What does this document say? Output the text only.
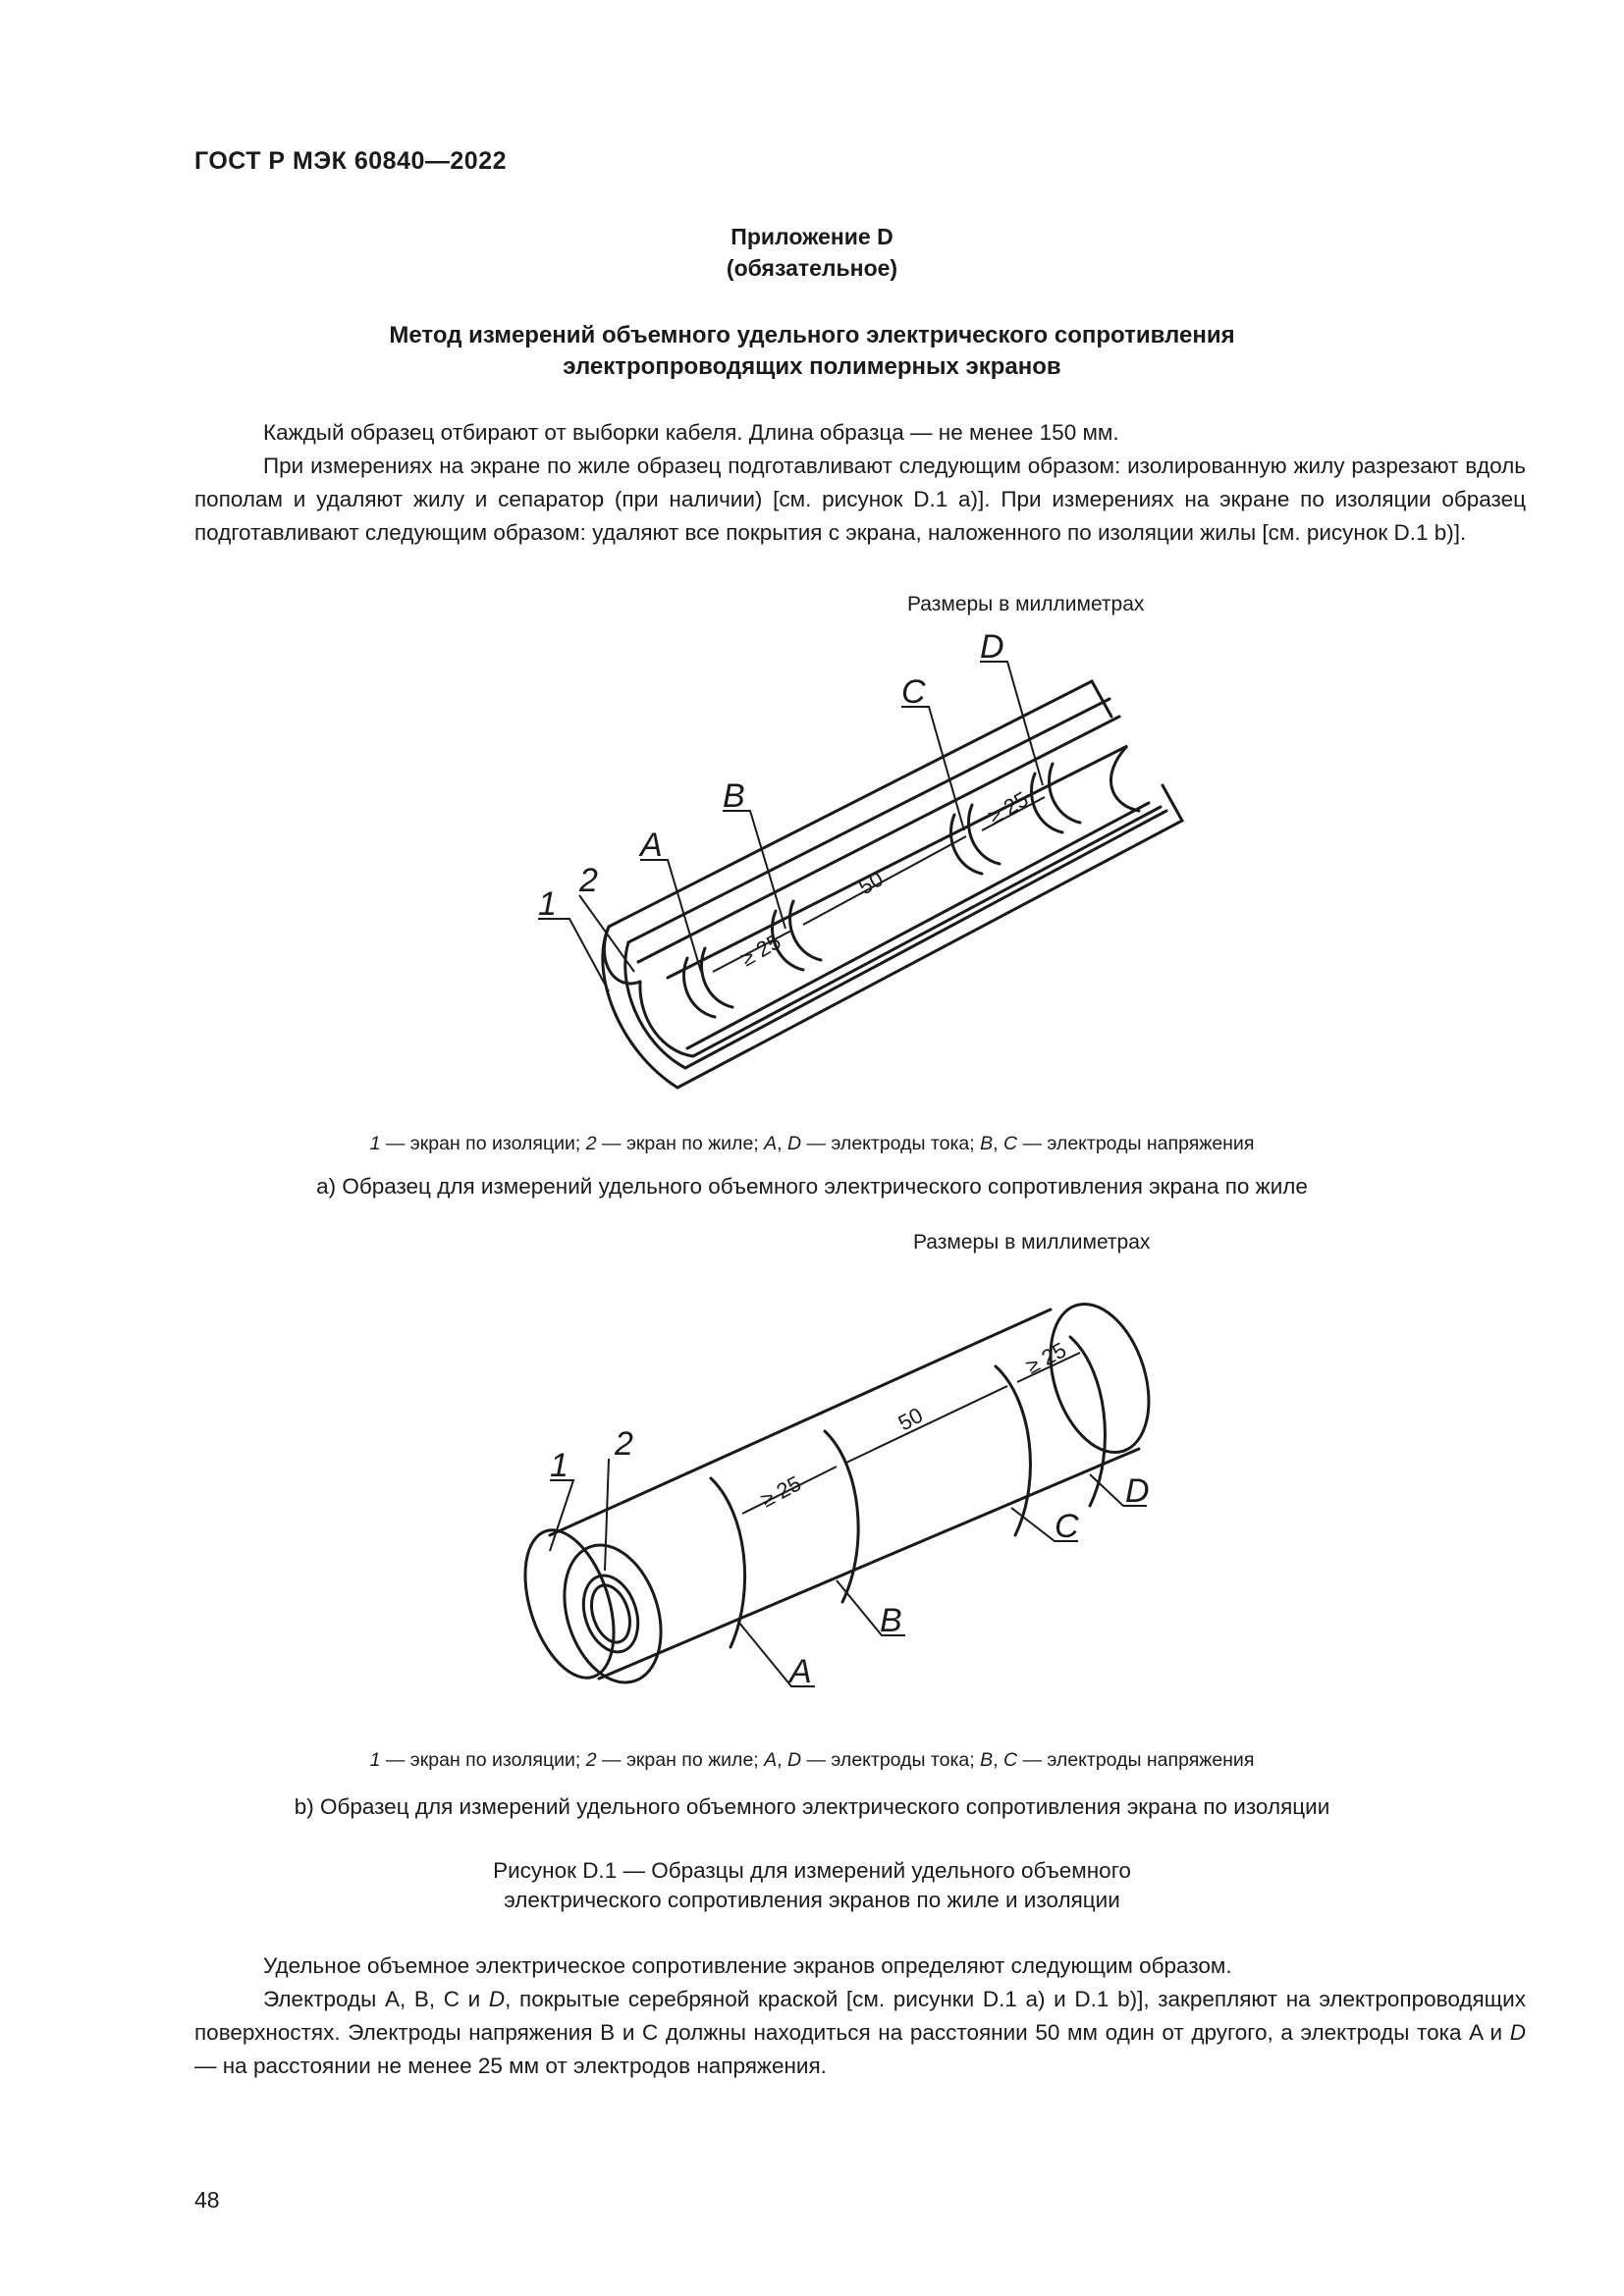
ГОСТ Р МЭК 60840—2022
Приложение D
(обязательное)
Метод измерений объемного удельного электрического сопротивления
электропроводящих полимерных экранов

Каждый образец отбирают от выборки кабеля. Длина образца — не менее 150 мм.

При измерениях на экране по жиле образец подготавливают следующим образом: изолированную жилу разрезают вдоль пополам и удаляют жилу и сепаратор (при наличии) [см. рисунок D.1 a)]. При измерениях на экране по изоляции образец подготавливают следующим образом: удаляют все покрытия с экрана, наложенного по изоляции жилы [см. рисунок D.1 b)].

Размеры в миллиметрах
1
2
A
B
C
D
≥ 25
50
≥ 25
1 — экран по изоляции; 2 — экран по жиле; A, D — электроды тока; B, C — электроды напряжения
a) Образец для измерений удельного объемного электрического сопротивления экрана по жиле
Размеры в миллиметрах
1
2
A
B
C
D
≥ 25
50
≥ 25
1 — экран по изоляции; 2 — экран по жиле; A, D — электроды тока; B, C — электроды напряжения
b) Образец для измерений удельного объемного электрического сопротивления экрана по изоляции
Рисунок D.1 — Образцы для измерений удельного объемного
электрического сопротивления экранов по жиле и изоляции

Удельное объемное электрическое сопротивление экранов определяют следующим образом.

Электроды A, B, C и D, покрытые серебряной краской [см. рисунки D.1 a) и D.1 b)], закрепляют на электропроводящих поверхностях. Электроды напряжения B и C должны находиться на расстоянии 50 мм один от другого, а электроды тока A и D — на расстоянии не менее 25 мм от электродов напряжения.

48
